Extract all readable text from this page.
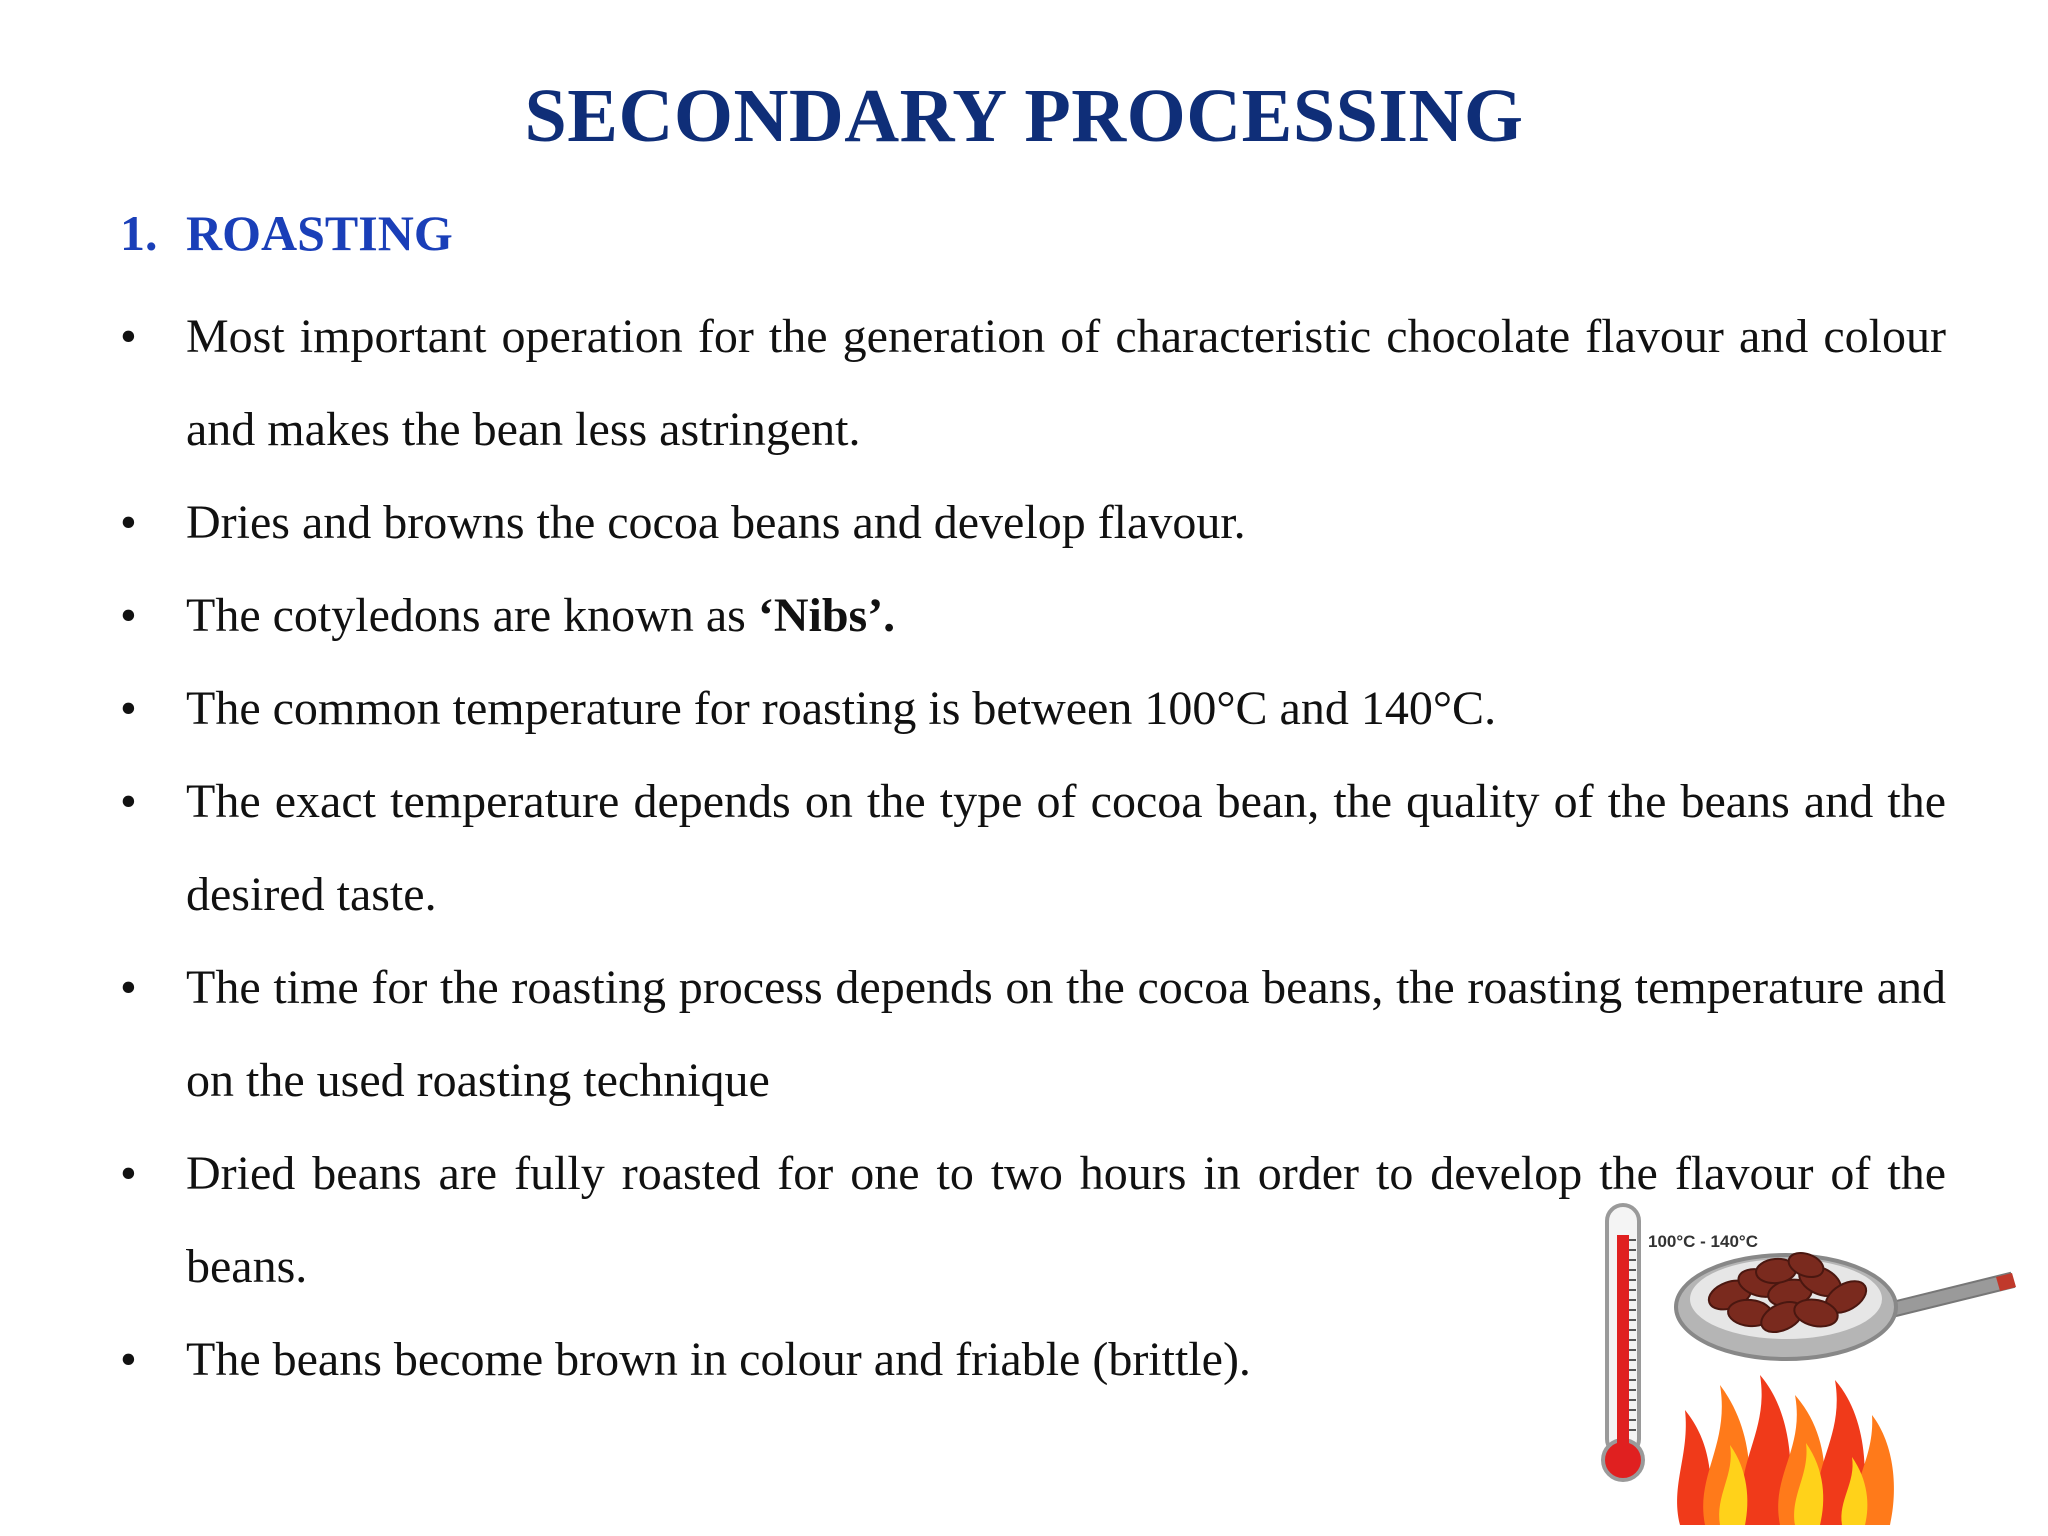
SECONDARY PROCESSING
1. ROASTING
• Most important operation for the generation of characteristic chocolate flavour and colour and makes the bean less astringent.
• Dries and browns the cocoa beans and develop flavour.
• The cotyledons are known as ‘Nibs’.
• The common temperature for roasting is between 100°C and 140°C.
• The exact temperature depends on the type of cocoa bean, the quality of the beans and the desired taste.
• The time for the roasting process depends on the cocoa beans, the roasting temperature and on the used roasting technique
• Dried beans are fully roasted for one to two hours in order to develop the flavour of the beans.
• The beans become brown in colour and friable (brittle).
100°C - 140°C
